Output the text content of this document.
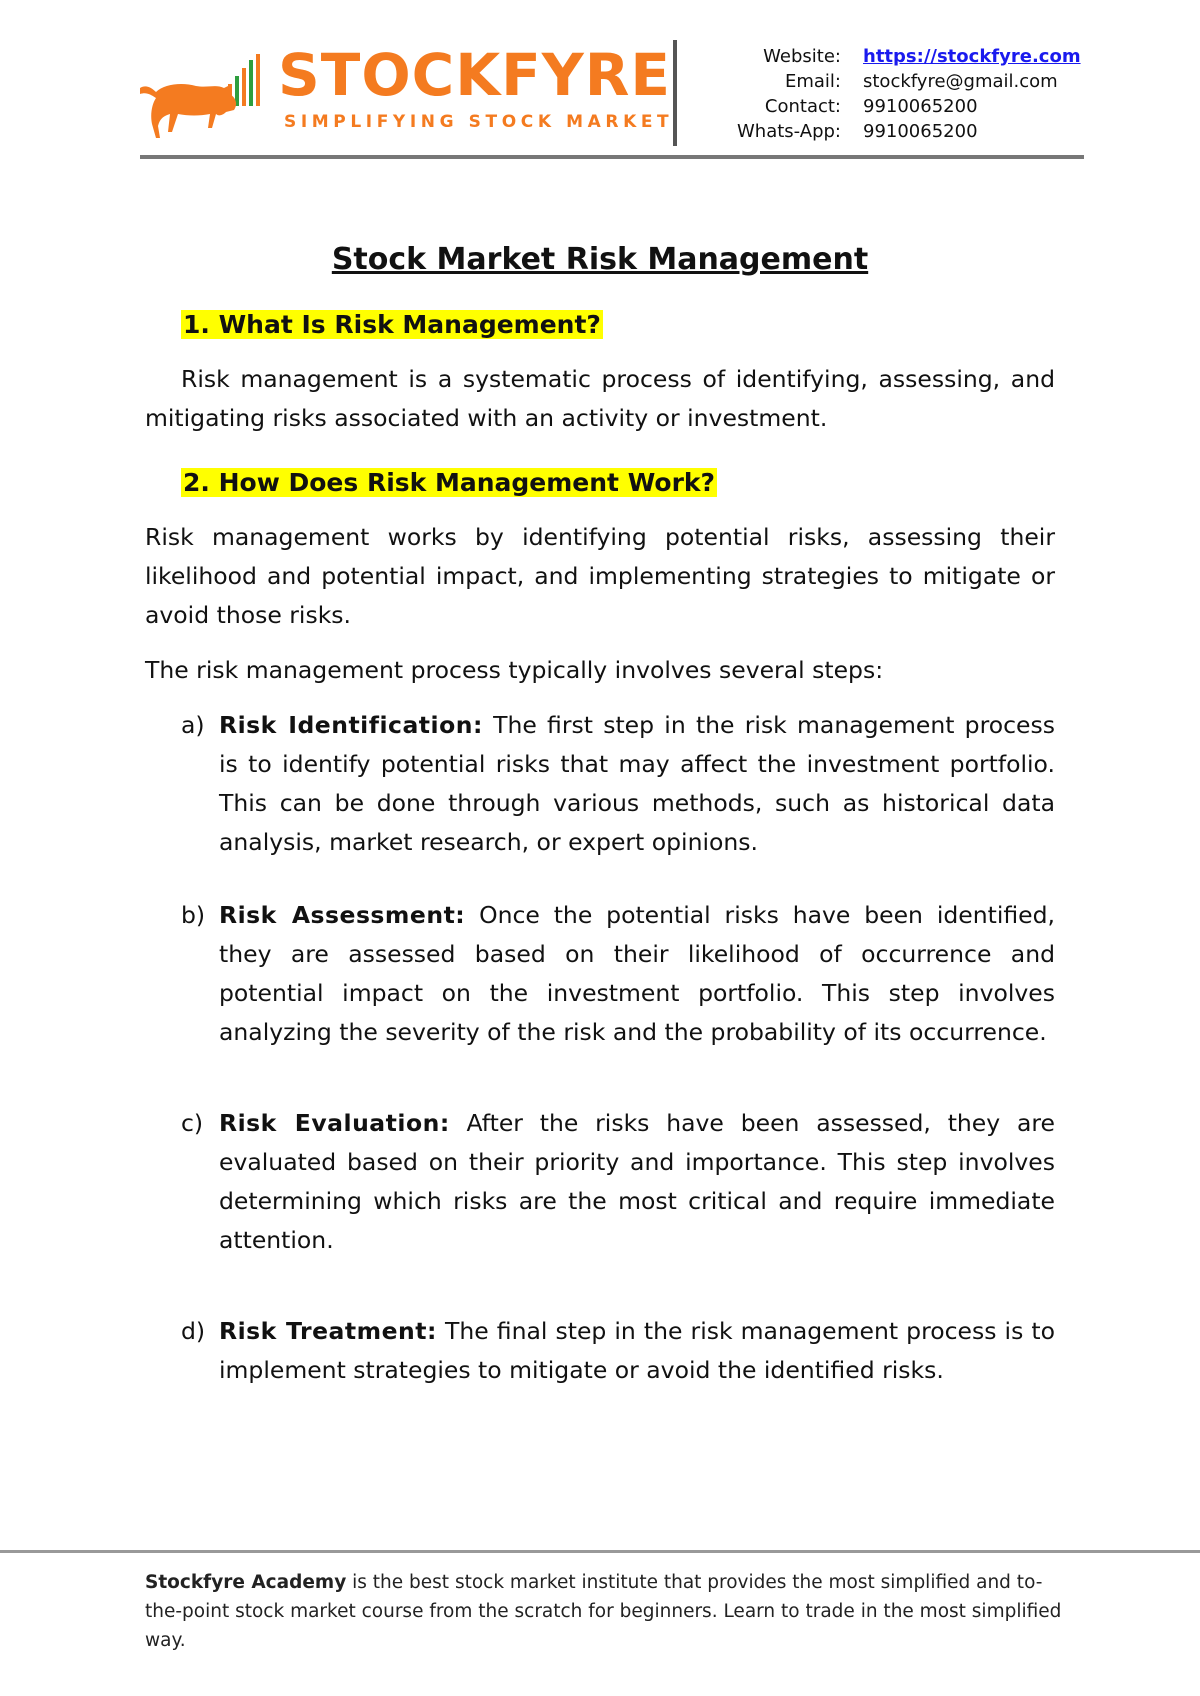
STOCKFYRE
SIMPLIFYING STOCK MARKET
Website:	https://stockfyre.com
Email:	stockfyre@gmail.com
Contact:	9910065200
Whats-App:	9910065200
Stock Market Risk Management
1. What Is Risk Management?
Risk management is a systematic process of identifying, assessing, and mitigating risks associated with an activity or investment.
2. How Does Risk Management Work?
Risk management works by identifying potential risks, assessing their likelihood and potential impact, and implementing strategies to mitigate or avoid those risks.
The risk management process typically involves several steps:
a) Risk Identification: The first step in the risk management process is to identify potential risks that may affect the investment portfolio. This can be done through various methods, such as historical data analysis, market research, or expert opinions.
b) Risk Assessment: Once the potential risks have been identified, they are assessed based on their likelihood of occurrence and potential impact on the investment portfolio. This step involves analyzing the severity of the risk and the probability of its occurrence.
c) Risk Evaluation: After the risks have been assessed, they are evaluated based on their priority and importance. This step involves determining which risks are the most critical and require immediate attention.
d) Risk Treatment: The final step in the risk management process is to implement strategies to mitigate or avoid the identified risks.
Stockfyre Academy is the best stock market institute that provides the most simplified and to-the-point stock market course from the scratch for beginners. Learn to trade in the most simplified way.
